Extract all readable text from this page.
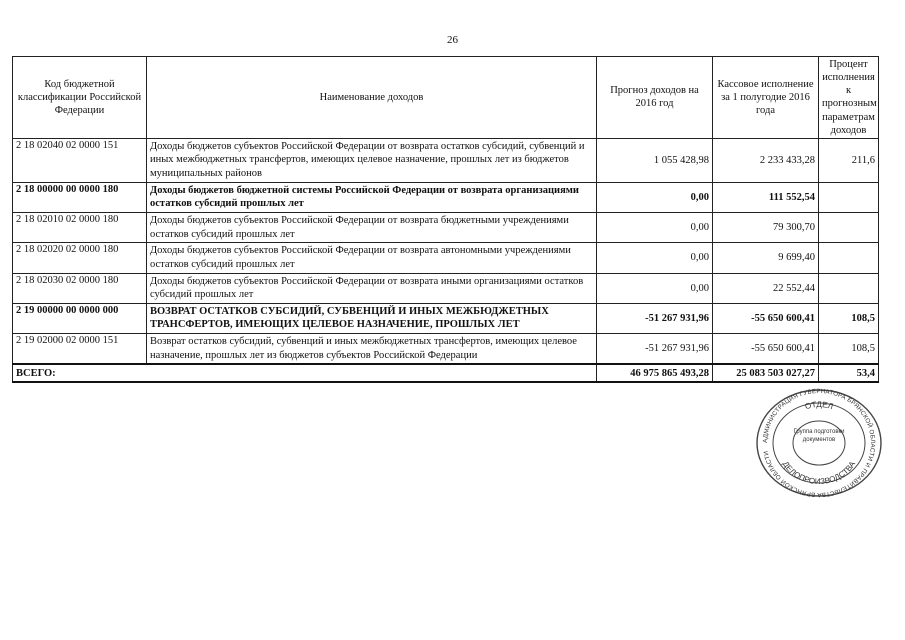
26
Код бюджетной классификации Российской Федерации	Наименование доходов	Прогноз доходов на 2016 год	Кассовое исполнение за 1 полугодие 2016 года	Процент исполнения к прогнозным параметрам доходов
2 18 02040 02 0000 151	Доходы бюджетов субъектов Российской Федерации от возврата остатков субсидий, субвенций и иных межбюджетных трансфертов, имеющих целевое назначение, прошлых лет из бюджетов муниципальных районов	1 055 428,98	2 233 433,28	211,6
2 18 00000 00 0000 180	Доходы бюджетов бюджетной системы Российской Федерации от возврата организациями остатков субсидий прошлых лет	0,00	111 552,54	
2 18 02010 02 0000 180	Доходы бюджетов субъектов Российской Федерации от возврата бюджетными учреждениями остатков субсидий прошлых лет	0,00	79 300,70	
2 18 02020 02 0000 180	Доходы бюджетов субъектов Российской Федерации от возврата автономными учреждениями остатков субсидий прошлых лет	0,00	9 699,40	
2 18 02030 02 0000 180	Доходы бюджетов субъектов Российской Федерации от возврата иными организациями остатков субсидий прошлых лет	0,00	22 552,44	
2 19 00000 00 0000 000	ВОЗВРАТ ОСТАТКОВ СУБСИДИЙ, СУБВЕНЦИЙ И ИНЫХ МЕЖБЮДЖЕТНЫХ ТРАНСФЕРТОВ, ИМЕЮЩИХ ЦЕЛЕВОЕ НАЗНАЧЕНИЕ, ПРОШЛЫХ ЛЕТ	-51 267 931,96	-55 650 600,41	108,5
2 19 02000 02 0000 151	Возврат остатков субсидий, субвенций и иных межбюджетных трансфертов, имеющих целевое назначение, прошлых лет из бюджетов субъектов Российской Федерации	-51 267 931,96	-55 650 600,41	108,5
ВСЕГО:		46 975 865 493,28	25 083 503 027,27	53,4
АДМИНИСТРАЦИЯ ГУБЕРНАТОРА БРЯНСКОЙ ОБЛАСТИ И ПРАВИТЕЛЬСТВА БРЯНСКОЙ ОБЛАСТИ
ОТДЕЛ
ДЕЛОПРОИЗВОДСТВА
Группа подготовки документов
